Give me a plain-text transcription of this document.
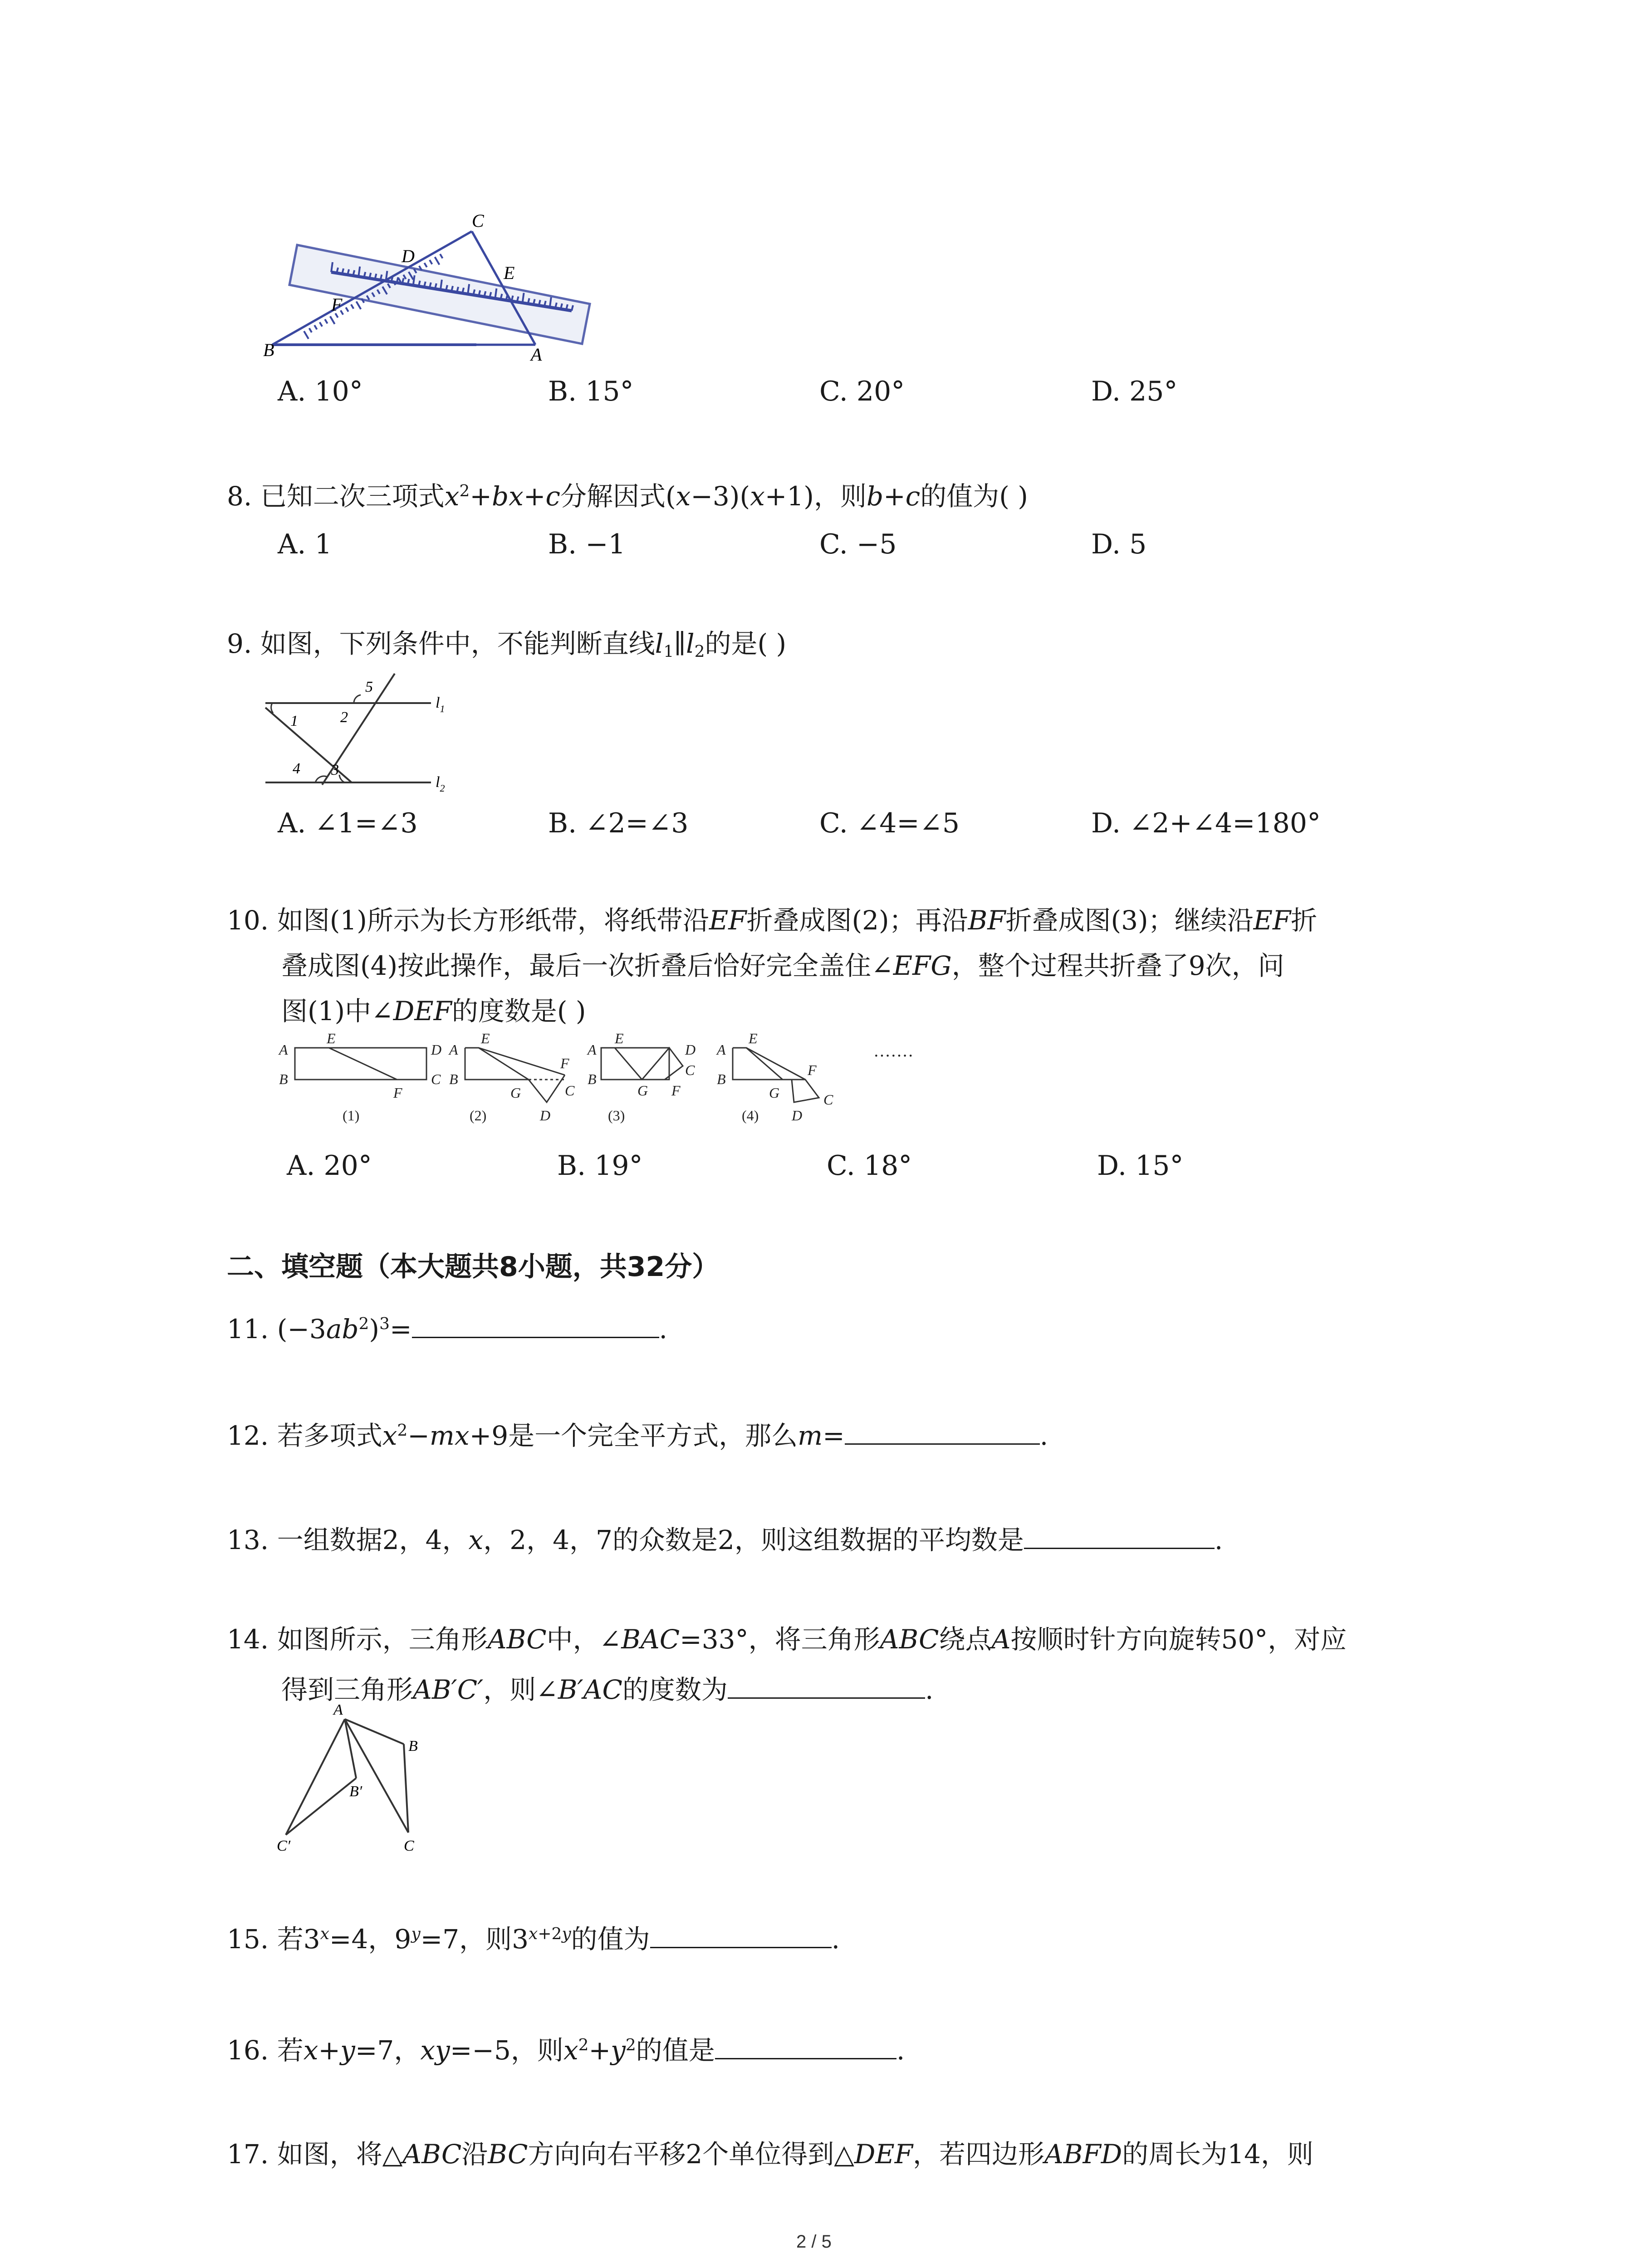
C
D
E
F
B	A
A. 10°	B. 15°	C. 20°	D. 25°
8. 已知二次三项式$x^2+bx+c$分解因式(x−3)(x+1)，则b+c的值为( )
A. 1	B. −1	C. −5	D. 5
9. 如图，下列条件中，不能判断直线$l_1\parallel l_2$的是( )
5
1	2
$l_1$
4 3
$l_2$
A. ∠1=∠3	B. ∠2=∠3	C. ∠4=∠5	D. ∠2+∠4=180°
10. 如图(1)所示为长方形纸带，将纸带沿EF折叠成图(2)；再沿BF折叠成图(3)；继续沿EF折
叠成图(4)按此操作，最后一次折叠后恰好完全盖住∠EFG，整个过程共折叠了9次，问
图(1)中∠DEF的度数是( )
A
B
E
D
C
F
(1)
A
B
E
F
G	C
D
(2)
A
B
E
D
C
F
G
(3)
A
B
E
F
G	C
D
(4)
·······
A. 20°	B. 19°	C. 18°	D. 15°
二、填空题（本大题共8小题，共32分）
11. $(-3ab^2)^3=$	.
12. 若多项式$x^2-mx+9$是一个完全平方式，那么m=	.
13. 一组数据2，4，x，2，4，7的众数是2，则这组数据的平均数是	.
14. 如图所示，三角形ABC中，∠BAC=33°，将三角形ABC绕点A按顺时针方向旋转50°，对应
得到三角形AB′C′，则∠B′AC的度数为	.
A
B
B′
C′	C
15. 若$3^x=4$，$9^y=7$，则$3^{x+2y}$的值为	.
16. 若x+y=7，xy=−5，则$x^2+y^2$的值是	.
17. 如图，将△ABC沿BC方向向右平移2个单位得到△DEF，若四边形ABFD的周长为14，则
2 / 5
